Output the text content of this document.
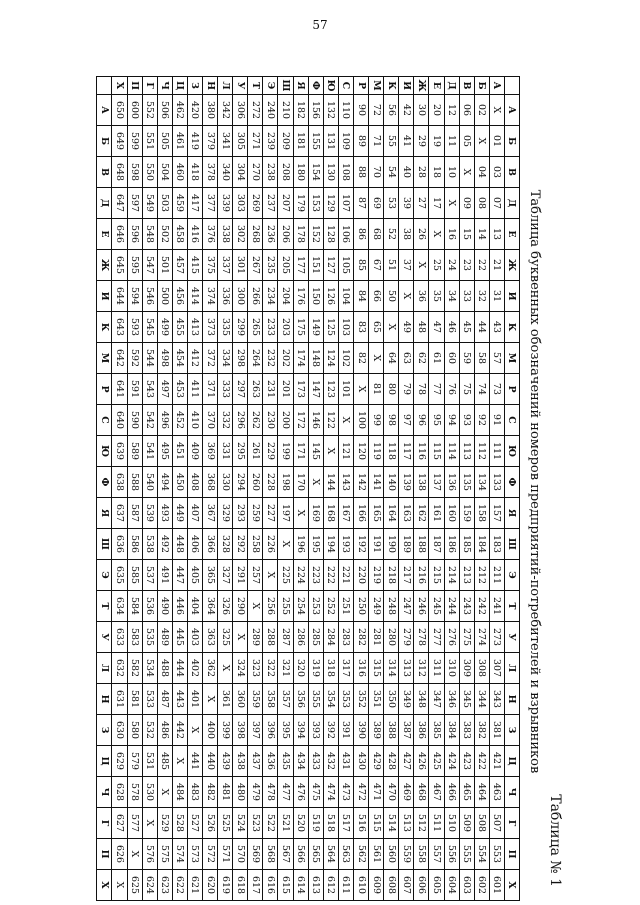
57
Таблица № 1
Таблица буквенных обозначений номеров предприятий-потребителей и взрывников
	А	Б	В	Д	Е	Ж	И	К	М	Р	С	Ю	Ф	Я	Ш	Э	Т	У	Л	Н	З	Ц	Ч	Г	П	Х
А	Х	01	03	07	13	21	31	43	57	73	91	111	133	157	183	211	241	273	307	343	381	421	463	507	553	601
Б	02	Х	04	08	14	22	32	44	58	74	92	112	134	158	184	212	242	274	308	344	382	422	464	508	554	602
В	06	05	Х	09	15	23	33	45	59	75	93	113	135	159	185	213	243	275	309	345	383	423	465	509	555	603
Д	12	11	10	Х	16	24	34	46	60	76	94	114	136	160	186	214	244	276	310	346	384	424	466	510	556	604
Е	20	19	18	17	Х	25	35	47	61	77	95	115	137	161	187	215	245	277	311	347	385	425	467	511	557	605
Ж	30	29	28	27	26	Х	36	48	62	78	96	116	138	162	188	216	246	278	312	348	386	426	468	512	558	606
И	42	41	40	39	38	37	Х	49	63	79	97	117	139	163	189	217	247	279	313	349	387	427	469	513	559	607
К	56	55	54	53	52	51	50	Х	64	80	98	118	140	164	190	218	248	280	314	350	388	428	470	514	560	608
М	72	71	70	69	68	67	66	65	Х	81	99	119	141	165	191	219	249	281	315	351	389	429	471	515	561	609
Р	90	89	88	87	86	85	84	83	82	Х	100	120	142	166	192	220	250	282	316	352	390	430	472	516	562	610
С	110	109	108	107	106	105	104	103	102	101	Х	121	143	167	193	221	251	283	317	353	391	431	473	517	563	611
Ю	132	131	130	129	128	127	126	125	124	123	122	Х	144	168	194	222	252	284	318	354	392	432	474	518	564	612
Ф	156	155	154	153	152	151	150	149	148	147	146	145	Х	169	195	223	253	285	319	355	393	433	475	519	565	613
Я	182	181	180	179	178	177	176	175	174	173	172	171	170	Х	196	224	254	286	320	356	394	434	476	520	566	614
Ш	210	209	208	207	206	205	204	203	202	201	200	199	198	197	Х	225	255	287	321	357	395	435	477	521	567	615
Э	240	239	238	237	236	235	234	233	232	231	230	229	228	227	226	Х	256	288	322	358	396	436	478	522	568	616
Т	272	271	270	269	268	267	266	265	264	263	262	261	260	259	258	257	Х	289	323	359	397	437	479	523	569	617
У	306	305	304	303	302	301	300	299	298	297	296	295	294	293	292	291	290	Х	324	360	398	438	480	524	570	618
Л	342	341	340	339	338	337	336	335	334	333	332	331	330	329	328	327	326	325	Х	361	399	439	481	525	571	619
Н	380	379	378	377	376	375	374	373	372	371	370	369	368	367	366	365	364	363	362	Х	400	440	482	526	572	620
З	420	419	418	417	416	415	414	413	412	411	410	409	408	407	406	405	404	403	402	401	Х	441	483	527	573	621
Ц	462	461	460	459	458	457	456	455	454	453	452	451	450	449	448	447	446	445	444	443	442	Х	484	528	574	622
Ч	506	505	504	503	502	501	500	499	498	497	496	495	494	493	492	491	490	489	488	487	486	485	Х	529	575	623
Г	552	551	550	549	548	547	546	545	544	543	542	541	540	539	538	537	536	535	534	533	532	531	530	Х	576	624
П	600	599	598	597	596	595	594	593	592	591	590	589	588	587	586	585	584	583	582	581	580	579	578	577	Х	625
Х	650	649	648	647	646	645	644	643	642	641	640	639	638	637	636	635	634	633	632	631	630	629	628	627	626	Х
	А	Б	В	Д	Е	Ж	И	К	М	Р	С	Ю	Ф	Я	Ш	Э	Т	У	Л	Н	З	Ц	Ч	Г	П	Х
